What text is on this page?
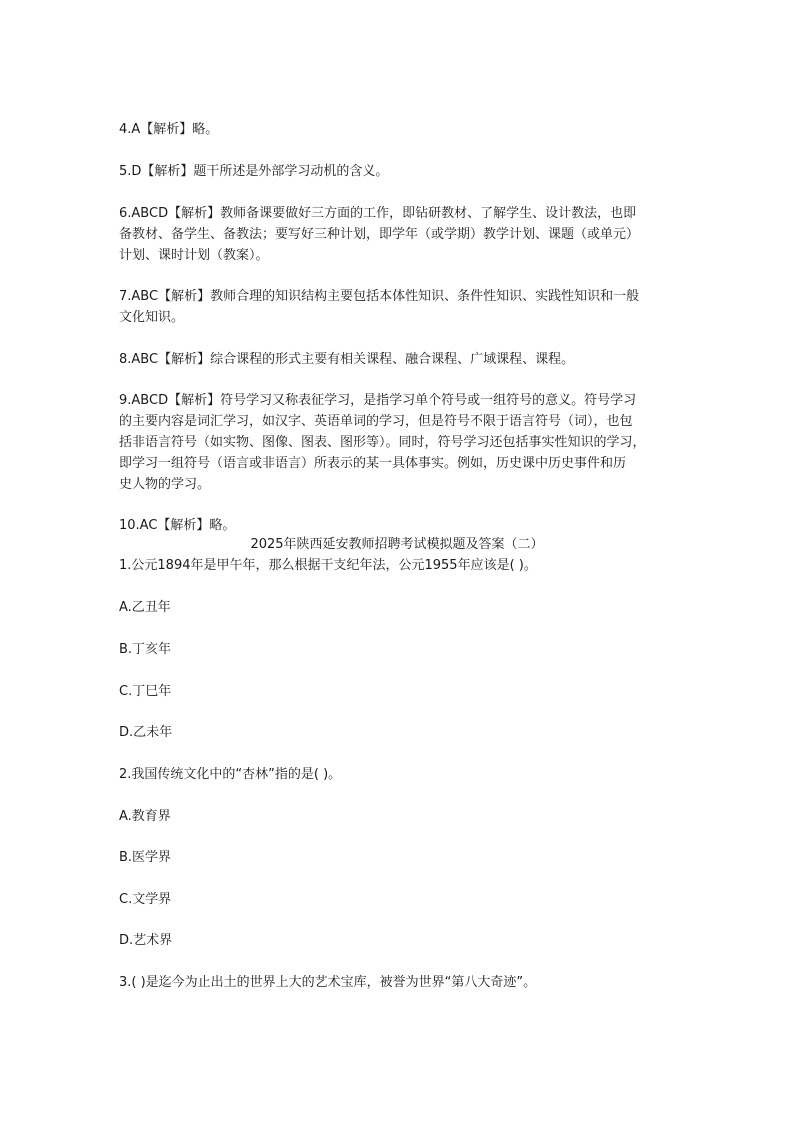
4.A【解析】略。

5.D【解析】题干所述是外部学习动机的含义。

6.ABCD【解析】教师备课要做好三方面的工作，即钻研教材、了解学生、设计教法，也即
备教材、备学生、备教法；要写好三种计划，即学年（或学期）教学计划、课题（或单元）
计划、课时计划（教案）。

7.ABC【解析】教师合理的知识结构主要包括本体性知识、条件性知识、实践性知识和一般
文化知识。

8.ABC【解析】综合课程的形式主要有相关课程、融合课程、广域课程、课程。

9.ABCD【解析】符号学习又称表征学习，是指学习单个符号或一组符号的意义。符号学习
的主要内容是词汇学习，如汉字、英语单词的学习，但是符号不限于语言符号（词），也包
括非语言符号（如实物、图像、图表、图形等）。同时，符号学习还包括事实性知识的学习，
即学习一组符号（语言或非语言）所表示的某一具体事实。例如，历史课中历史事件和历
史人物的学习。

10.AC【解析】略。

2025年陕西延安教师招聘考试模拟题及答案（二）

1.公元1894年是甲午年，那么根据干支纪年法，公元1955年应该是( )。

A.乙丑年

B.丁亥年

C.丁巳年

D.乙未年

2.我国传统文化中的“杏林”指的是( )。

A.教育界

B.医学界

C.文学界

D.艺术界

3.( )是迄今为止出土的世界上大的艺术宝库，被誉为世界“第八大奇迹”。
